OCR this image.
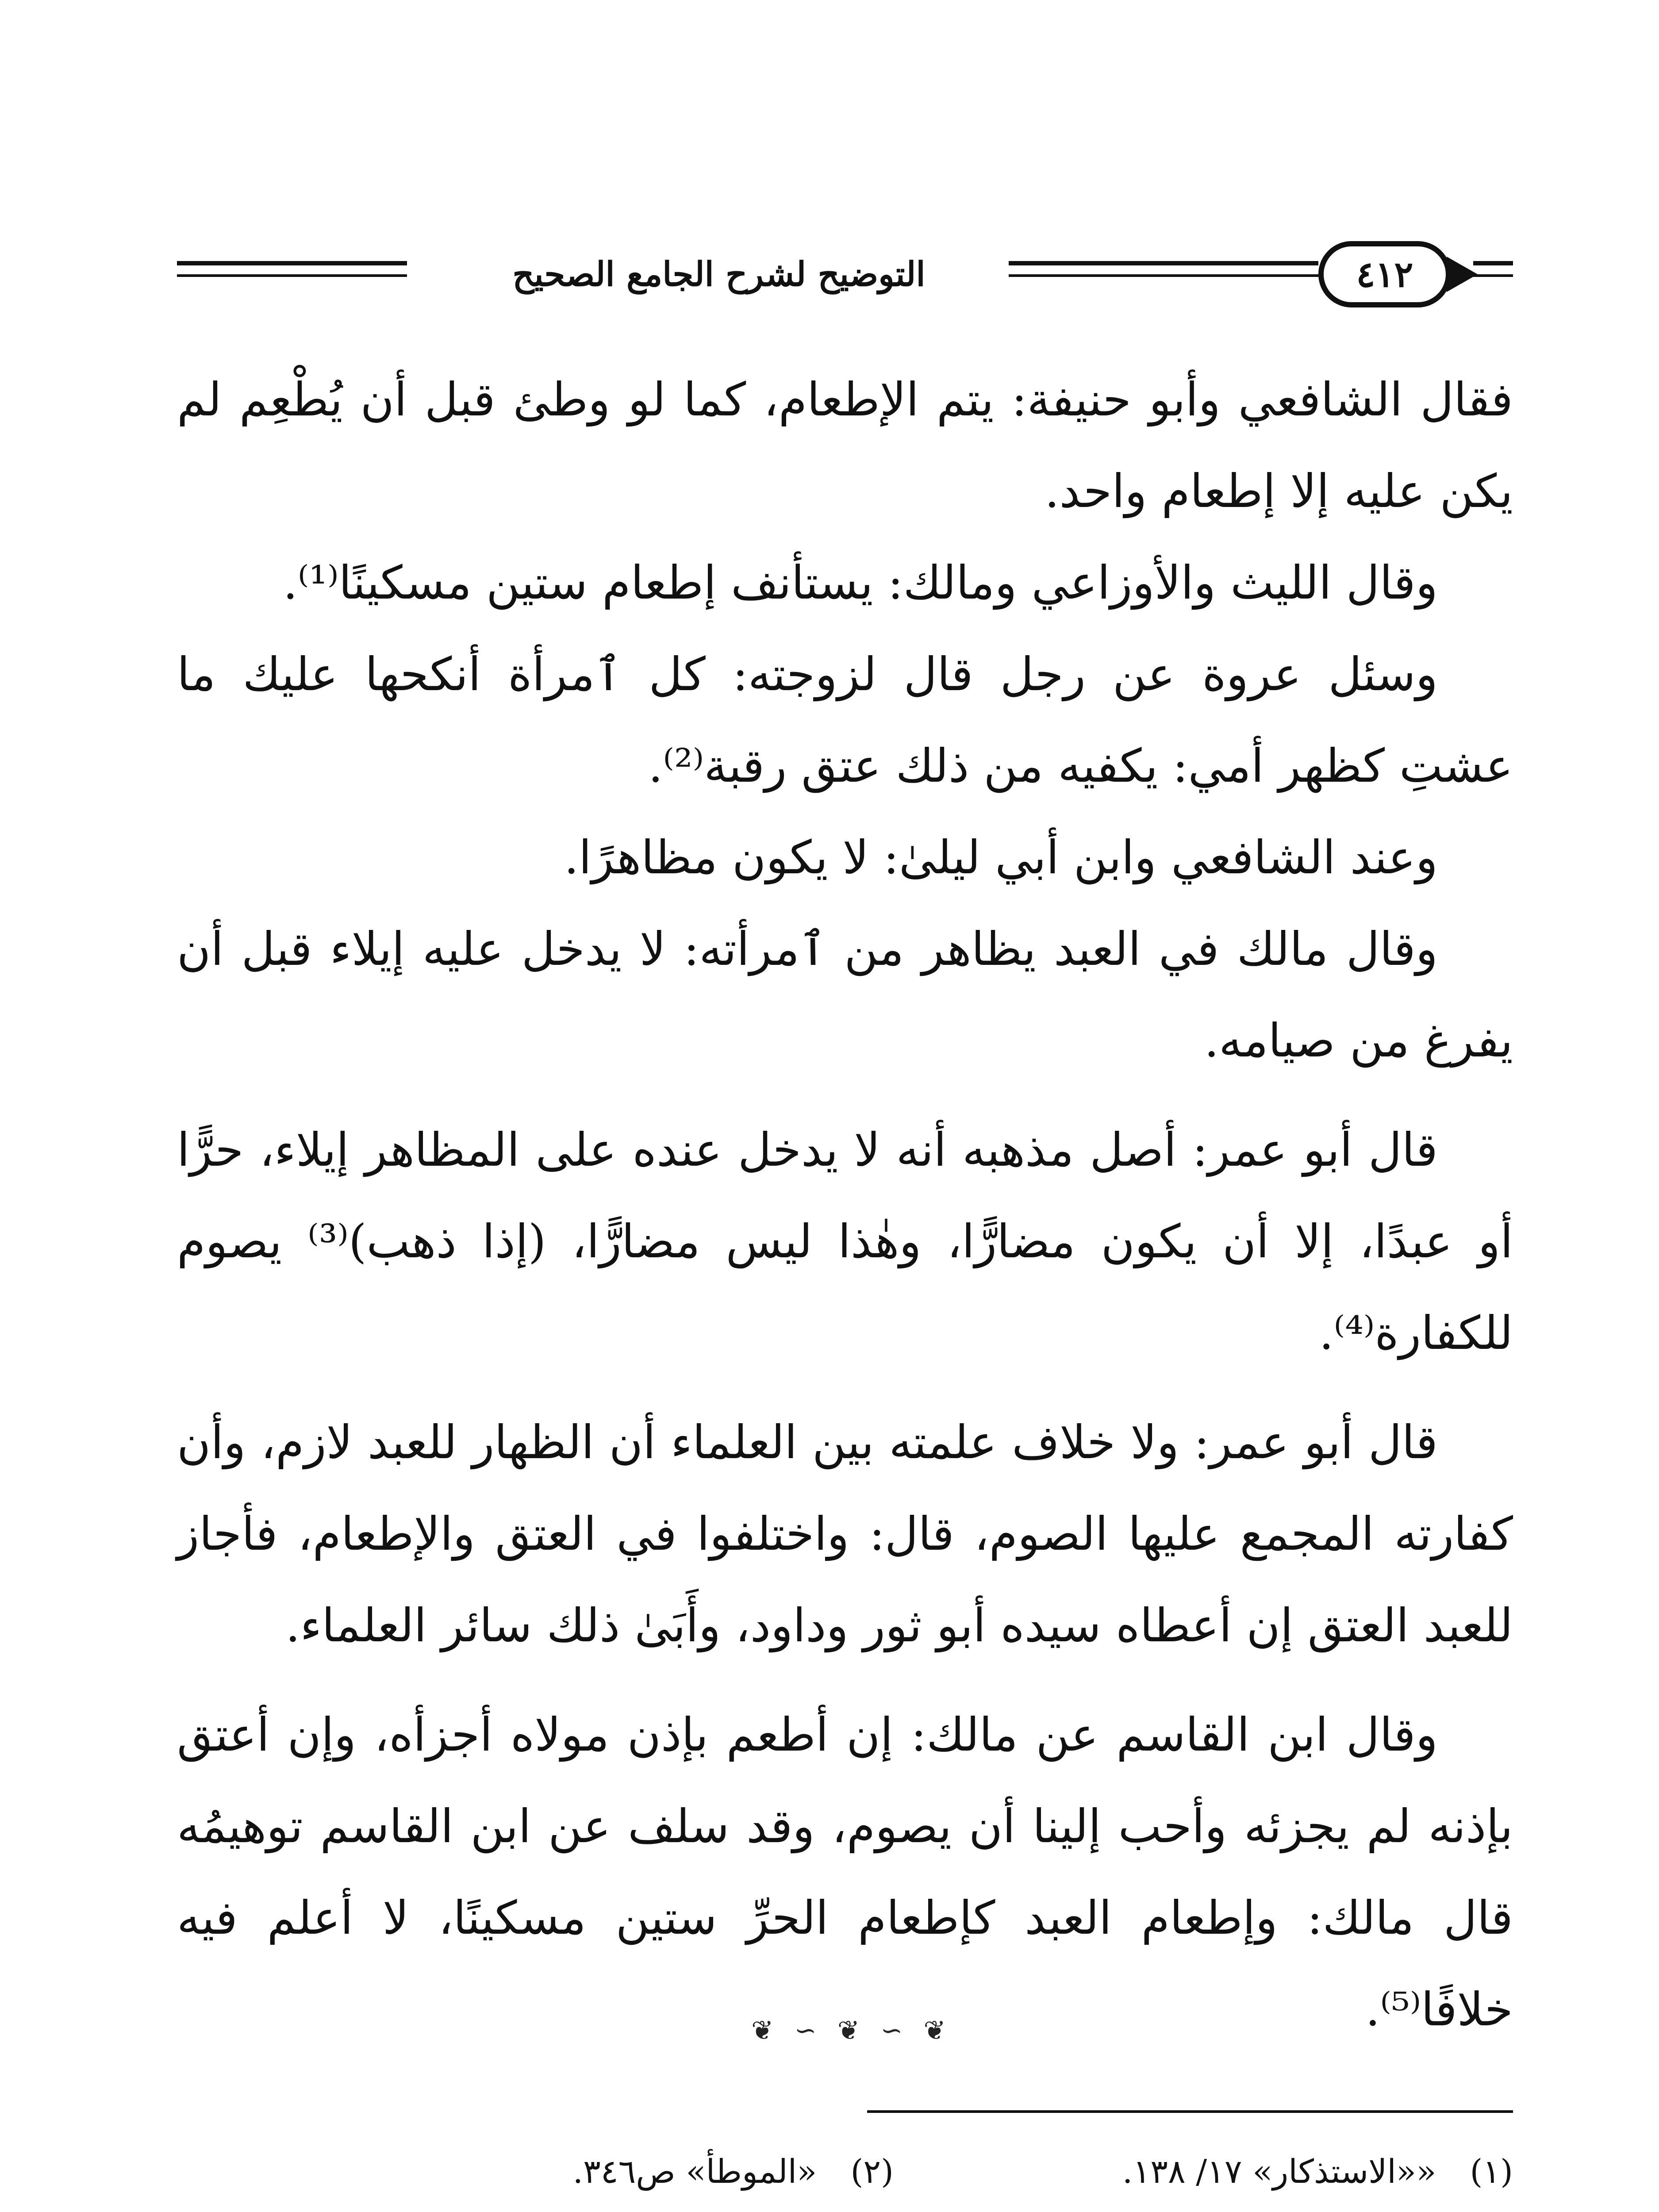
التوضيح لشرح الجامع الصحيح	٤١٢

فقال الشافعي وأبو حنيفة: يتم الإطعام، كما لو وطئ قبل أن يُطْعِم لم يكن عليه إلا إطعام واحد.

وقال الليث والأوزاعي ومالك: يستأنف إطعام ستين مسكينًا⁽¹⁾.

وسئل عروة عن رجل قال لزوجته: كل ٱمرأة أنكحها عليك ما عشتِ كظهر أمي: يكفيه من ذلك عتق رقبة⁽²⁾.

وعند الشافعي وابن أبي ليلىٰ: لا يكون مظاهرًا.

وقال مالك في العبد يظاهر من ٱمرأته: لا يدخل عليه إيلاء قبل أن يفرغ من صيامه.

قال أبو عمر: أصل مذهبه أنه لا يدخل عنده على المظاهر إيلاء، حرًّا أو عبدًا، إلا أن يكون مضارًّا، وهٰذا ليس مضارًّا، (إذا ذهب)⁽³⁾ يصوم للكفارة⁽⁴⁾.

قال أبو عمر: ولا خلاف علمته بين العلماء أن الظهار للعبد لازم، وأن كفارته المجمع عليها الصوم، قال: واختلفوا في العتق والإطعام، فأجاز للعبد العتق إن أعطاه سيده أبو ثور وداود، وأَبَىٰ ذلك سائر العلماء.

وقال ابن القاسم عن مالك: إن أطعم بإذن مولاه أجزأه، وإن أعتق بإذنه لم يجزئه وأحب إلينا أن يصوم، وقد سلف عن ابن القاسم توهيمُه قال مالك: وإطعام العبد كإطعام الحرِّ ستين مسكينًا، لا أعلم فيه خلافًا⁽⁵⁾.

❦ ∽ ❦ ∽ ❦
(١) ««الاستذكار» ١٧/ ١٣٨.
(٢) «الموطأ» ص٣٤٦.
